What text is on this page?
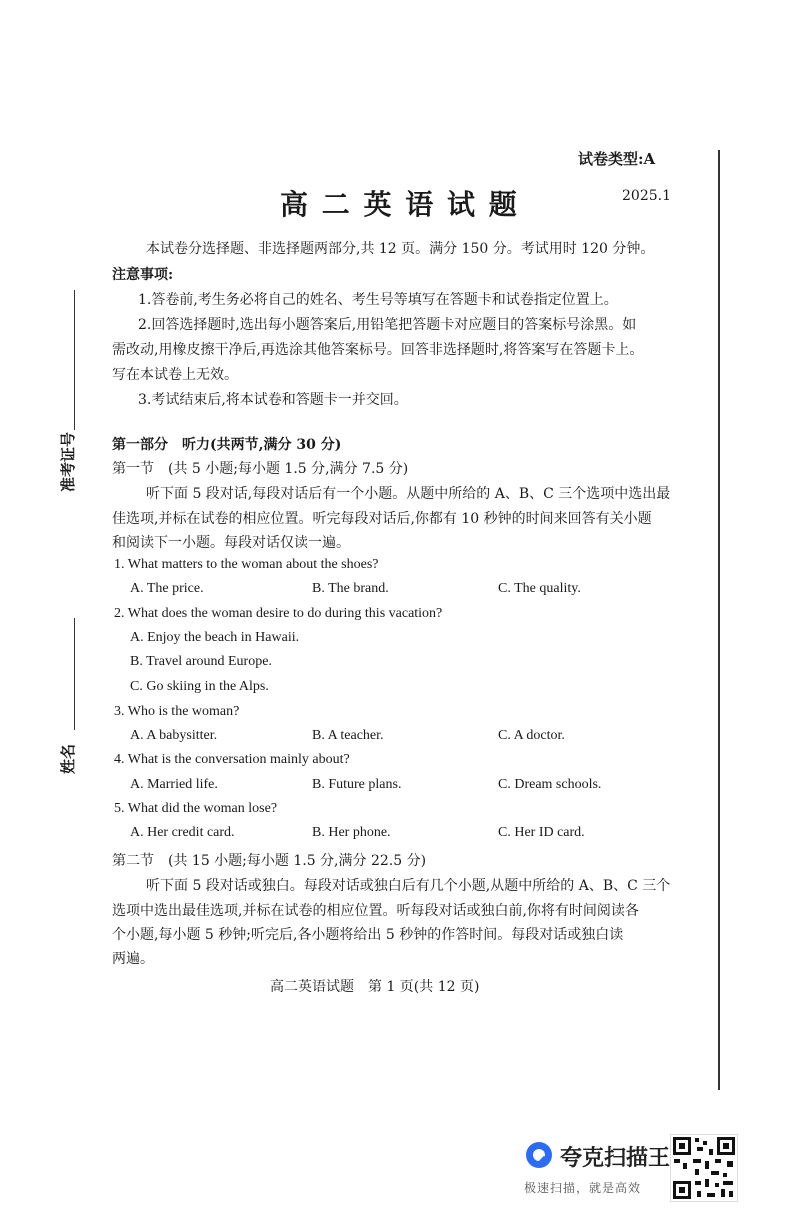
试卷类型:A
高 二 英 语 试 题	2025.1
本试卷分选择题、非选择题两部分,共 12 页。满分 150 分。考试用时 120 分钟。
注意事项:
1.答卷前,考生务必将自己的姓名、考生号等填写在答题卡和试卷指定位置上。
2.回答选择题时,选出每小题答案后,用铅笔把答题卡对应题目的答案标号涂黑。如
需改动,用橡皮擦干净后,再选涂其他答案标号。回答非选择题时,将答案写在答题卡上。
写在本试卷上无效。
3.考试结束后,将本试卷和答题卡一并交回。
准考证号
姓名
第一部分　听力(共两节,满分 30 分)
第一节　(共 5 小题;每小题 1.5 分,满分 7.5 分)
听下面 5 段对话,每段对话后有一个小题。从题中所给的 A、B、C 三个选项中选出最
佳选项,并标在试卷的相应位置。听完每段对话后,你都有 10 秒钟的时间来回答有关小题
和阅读下一小题。每段对话仅读一遍。
1. What matters to the woman about the shoes?
A. The price.	B. The brand.	C. The quality.
2. What does the woman desire to do during this vacation?
A. Enjoy the beach in Hawaii.
B. Travel around Europe.
C. Go skiing in the Alps.
3. Who is the woman?
A. A babysitter.	B. A teacher.	C. A doctor.
4. What is the conversation mainly about?
A. Married life.	B. Future plans.	C. Dream schools.
5. What did the woman lose?
A. Her credit card.	B. Her phone.	C. Her ID card.
第二节　(共 15 小题;每小题 1.5 分,满分 22.5 分)
听下面 5 段对话或独白。每段对话或独白后有几个小题,从题中所给的 A、B、C 三个
选项中选出最佳选项,并标在试卷的相应位置。听每段对话或独白前,你将有时间阅读各
个小题,每小题 5 秒钟;听完后,各小题将给出 5 秒钟的作答时间。每段对话或独白读
两遍。
高二英语试题　第 1 页(共 12 页)
夸克扫描王
极速扫描，就是高效
